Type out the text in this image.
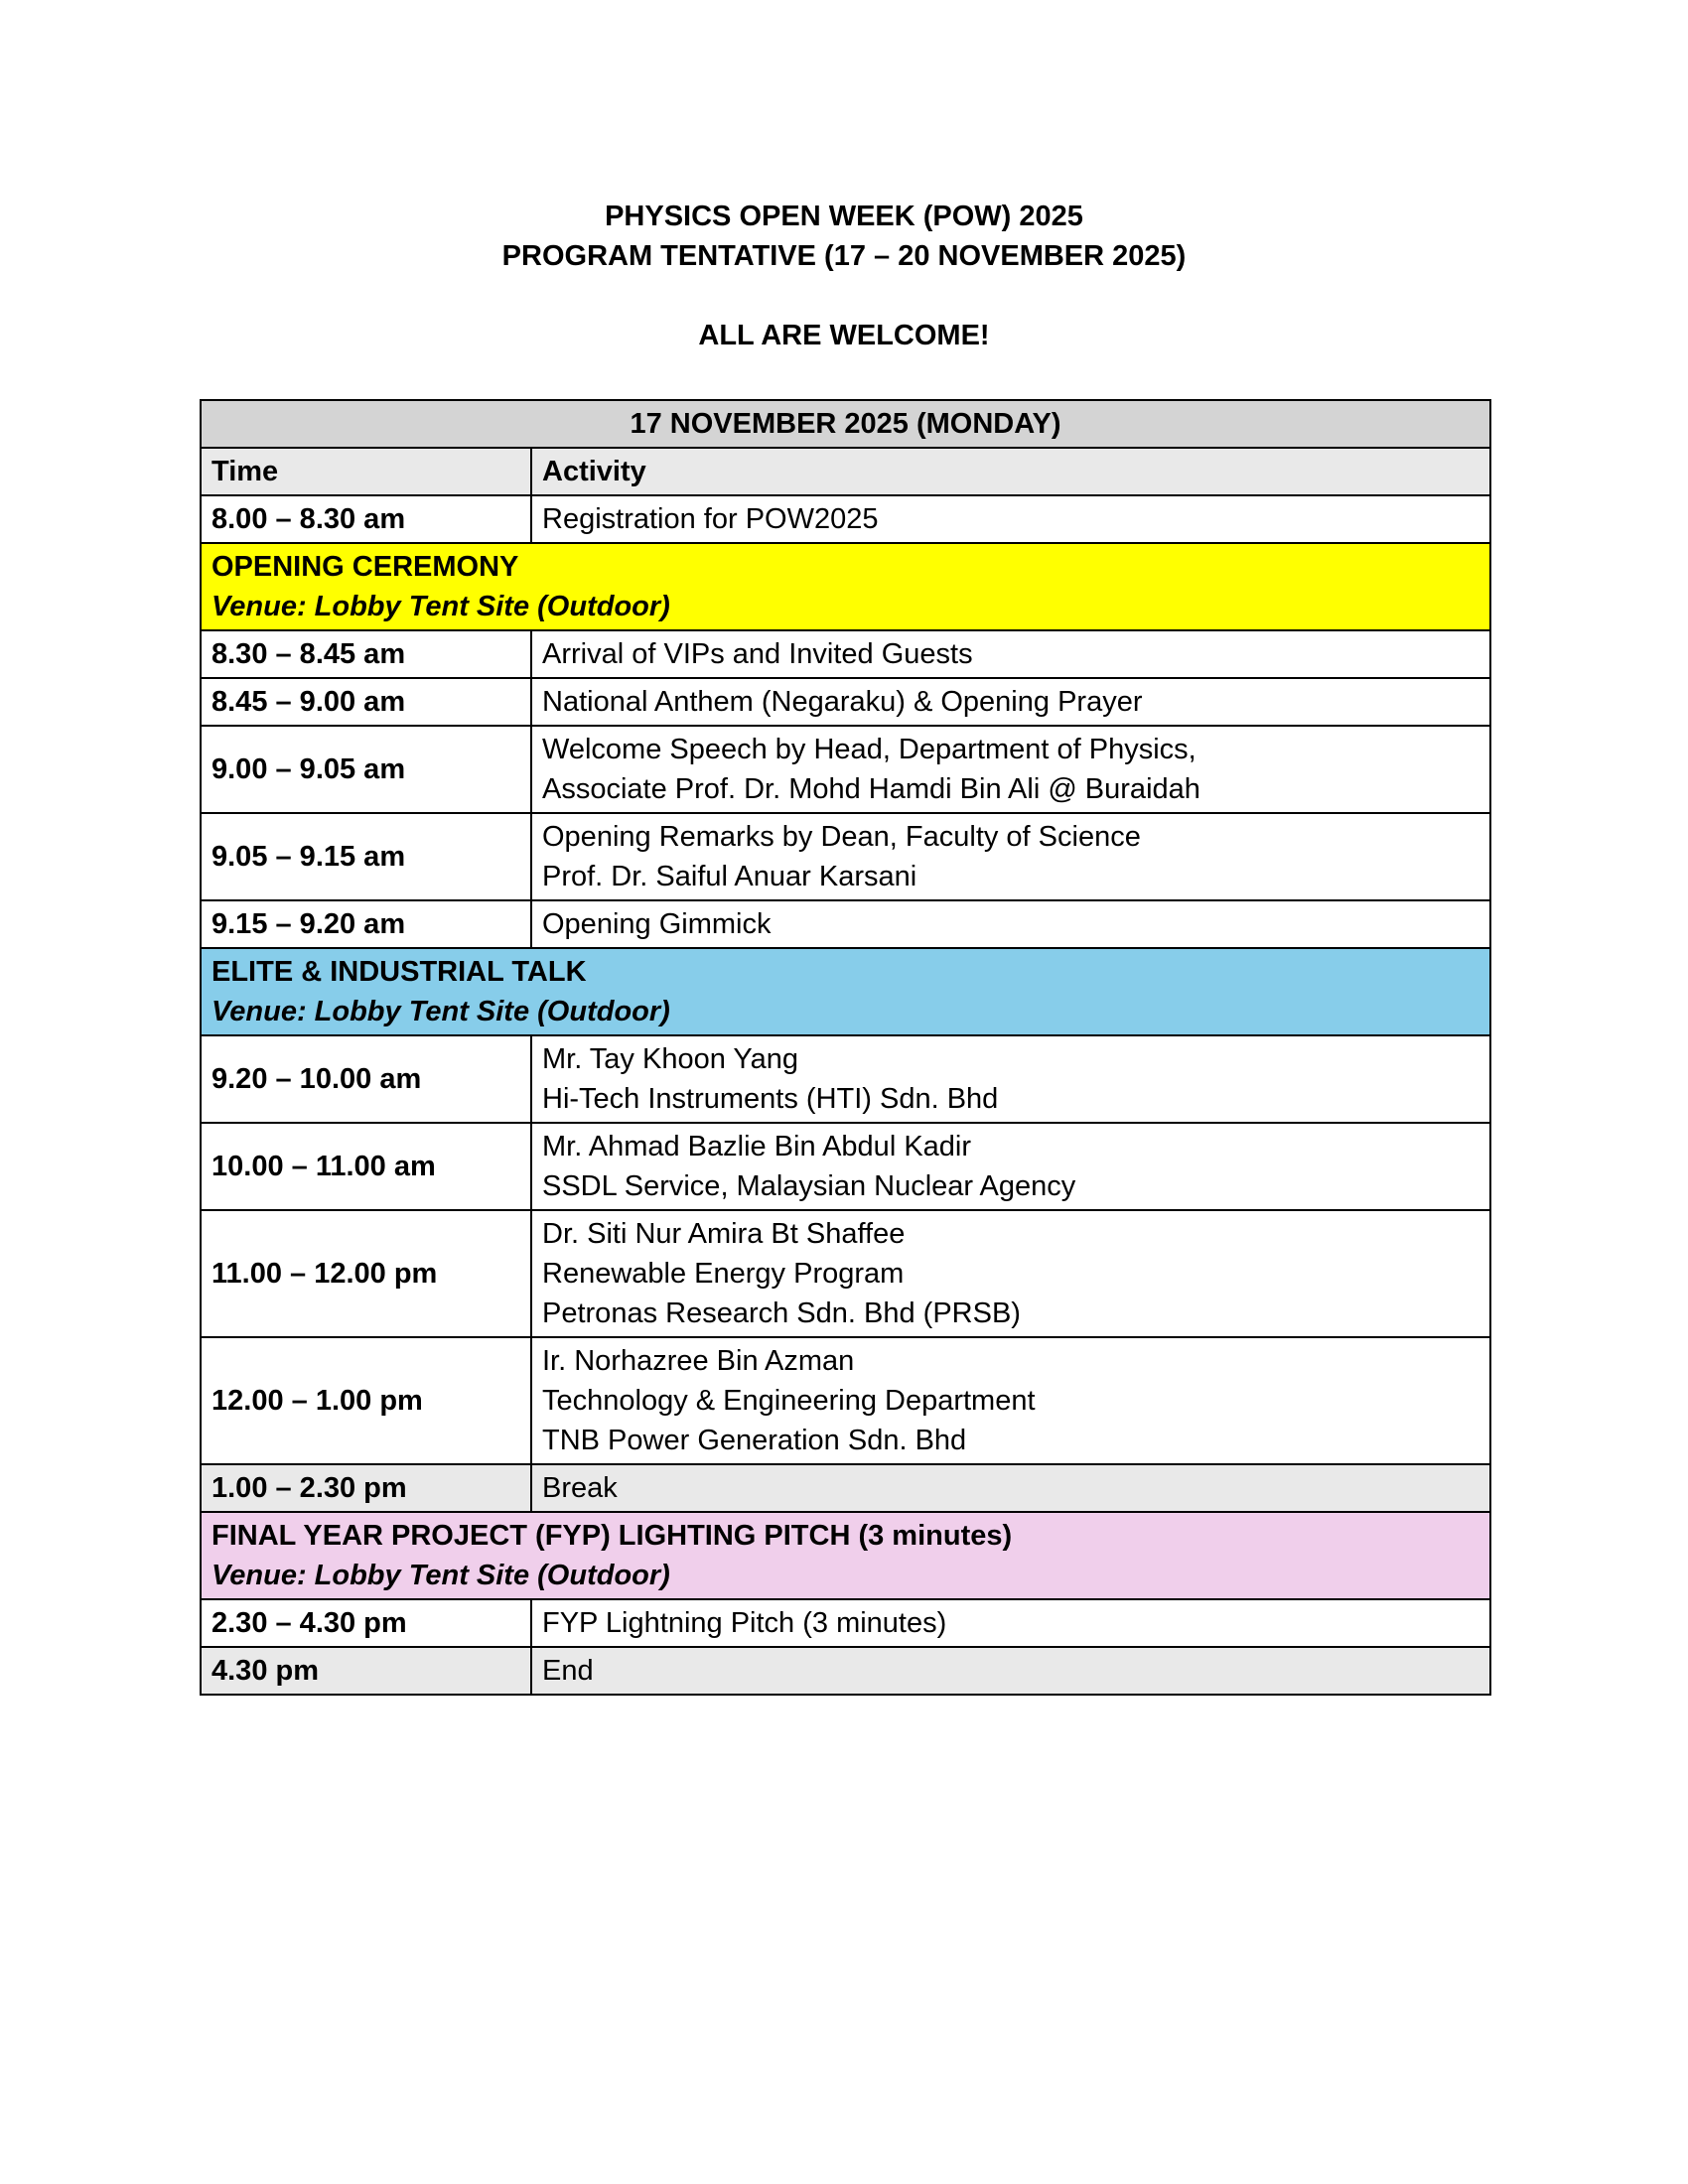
PHYSICS OPEN WEEK (POW) 2025
PROGRAM TENTATIVE (17 – 20 NOVEMBER 2025)
ALL ARE WELCOME!
17 NOVEMBER 2025 (MONDAY)	
Time	Activity
8.00 – 8.30 am	Registration for POW2025

OPENING CEREMONY
Venue: Lobby Tent Site (Outdoor)	

8.30 – 8.45 am	Arrival of VIPs and Invited Guests

8.45 – 9.00 am	National Anthem (Negaraku) & Opening Prayer

9.00 – 9.05 am	Welcome Speech by Head, Department of Physics,
Associate Prof. Dr. Mohd Hamdi Bin Ali @ Buraidah

9.05 – 9.15 am	Opening Remarks by Dean, Faculty of Science
Prof. Dr. Saiful Anuar Karsani

9.15 – 9.20 am	Opening Gimmick

ELITE & INDUSTRIAL TALK
Venue: Lobby Tent Site (Outdoor)	

9.20 – 10.00 am	Mr. Tay Khoon Yang
Hi-Tech Instruments (HTI) Sdn. Bhd

10.00 – 11.00 am	Mr. Ahmad Bazlie Bin Abdul Kadir
SSDL Service, Malaysian Nuclear Agency

11.00 – 12.00 pm	Dr. Siti Nur Amira Bt Shaffee
Renewable Energy Program
Petronas Research Sdn. Bhd (PRSB)

12.00 – 1.00 pm	Ir. Norhazree Bin Azman
Technology & Engineering Department
TNB Power Generation Sdn. Bhd

1.00 – 2.30 pm	Break

FINAL YEAR PROJECT (FYP) LIGHTING PITCH (3 minutes)
Venue: Lobby Tent Site (Outdoor)	

2.30 – 4.30 pm	FYP Lightning Pitch (3 minutes)

4.30 pm	End
